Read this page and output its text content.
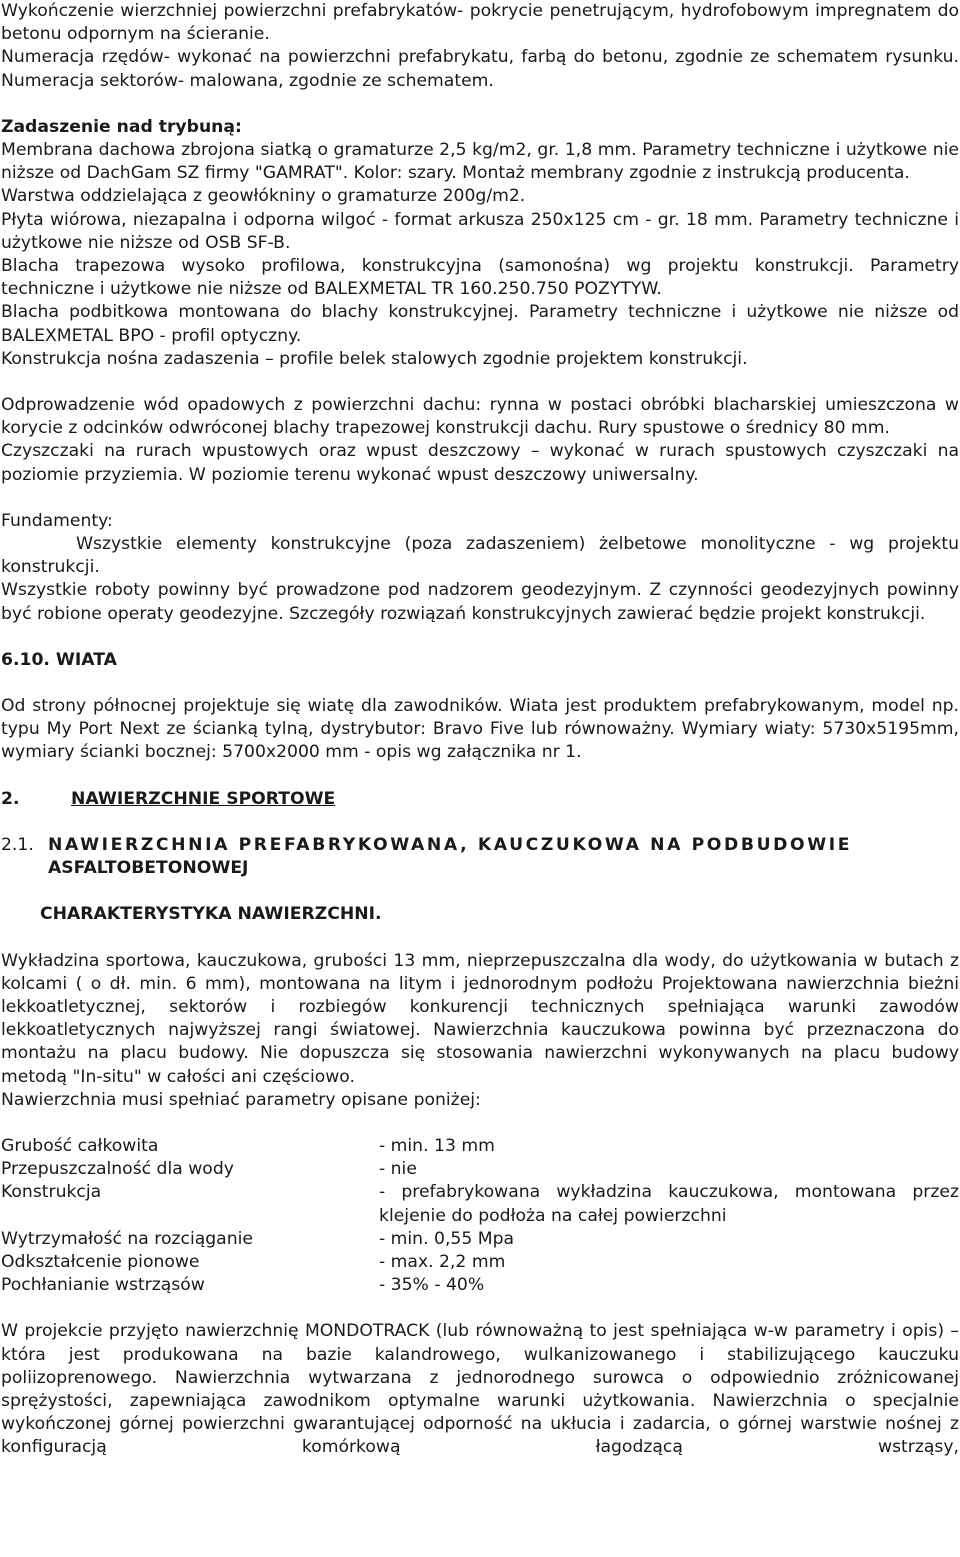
Wykończenie wierzchniej powierzchni prefabrykatów- pokrycie penetrującym, hydrofobowym impregnatem do betonu odpornym na ścieranie.

Numeracja rzędów- wykonać na powierzchni prefabrykatu, farbą do betonu, zgodnie ze schematem rysunku. Numeracja sektorów- malowana, zgodnie ze schematem.

Zadaszenie nad trybuną:

Membrana dachowa zbrojona siatką o gramaturze 2,5 kg/m2, gr. 1,8 mm. Parametry techniczne i użytkowe nie niższe od DachGam SZ firmy "GAMRAT". Kolor: szary. Montaż membrany zgodnie z instrukcją producenta.

Warstwa oddzielająca z geowłókniny o gramaturze 200g/m2.

Płyta wiórowa, niezapalna i odporna wilgoć - format arkusza 250x125 cm - gr. 18 mm. Parametry techniczne i użytkowe nie niższe od OSB SF-B.

Blacha trapezowa wysoko profilowa, konstrukcyjna (samonośna) wg projektu konstrukcji. Parametry techniczne i użytkowe nie niższe od BALEXMETAL TR 160.250.750 POZYTYW.

Blacha podbitkowa montowana do blachy konstrukcyjnej. Parametry techniczne i użytkowe nie niższe od BALEXMETAL BPO - profil optyczny.

Konstrukcja nośna zadaszenia – profile belek stalowych zgodnie projektem konstrukcji.

Odprowadzenie wód opadowych z powierzchni dachu: rynna w postaci obróbki blacharskiej umieszczona w korycie z odcinków odwróconej blachy trapezowej konstrukcji dachu. Rury spustowe o średnicy 80 mm.

Czyszczaki na rurach wpustowych oraz wpust deszczowy – wykonać w rurach spustowych czyszczaki na poziomie przyziemia. W poziomie terenu wykonać wpust deszczowy uniwersalny.

Fundamenty:

Wszystkie elementy konstrukcyjne (poza zadaszeniem) żelbetowe monolityczne - wg projektu konstrukcji.

Wszystkie roboty powinny być prowadzone pod nadzorem geodezyjnym. Z czynności geodezyjnych powinny być robione operaty geodezyjne. Szczegóły rozwiązań konstrukcyjnych zawierać będzie projekt konstrukcji.

6.10. WIATA

Od strony północnej projektuje się wiatę dla zawodników. Wiata jest produktem prefabrykowanym, model np. typu My Port Next ze ścianką tylną, dystrybutor: Bravo Five lub równoważny. Wymiary wiaty: 5730x5195mm, wymiary ścianki bocznej: 5700x2000 mm - opis wg załącznika nr 1.

2.	NAWIERZCHNIE SPORTOWE

2.1. NAWIERZCHNIA PREFABRYKOWANA, KAUCZUKOWA NA PODBUDOWIE

ASFALTOBETONOWEJ

CHARAKTERYSTYKA NAWIERZCHNI.

Wykładzina sportowa, kauczukowa, grubości 13 mm, nieprzepuszczalna dla wody, do użytkowania w butach z kolcami ( o dł. min. 6 mm), montowana na litym i jednorodnym podłożu Projektowana nawierzchnia bieżni lekkoatletycznej, sektorów i rozbiegów konkurencji technicznych spełniająca warunki zawodów lekkoatletycznych najwyższej rangi światowej. Nawierzchnia kauczukowa powinna być przeznaczona do montażu na placu budowy. Nie dopuszcza się stosowania nawierzchni wykonywanych na placu budowy metodą "In-situ" w całości ani częściowo.

Nawierzchnia musi spełniać parametry opisane poniżej:

Grubość całkowita	- min. 13 mm
Przepuszczalność dla wody	- nie
Konstrukcja	- prefabrykowana wykładzina kauczukowa, montowana przez klejenie do podłoża na całej powierzchni
Wytrzymałość na rozciąganie	- min. 0,55 Mpa
Odkształcenie pionowe	- max. 2,2 mm
Pochłanianie wstrząsów	- 35% - 40%

W projekcie przyjęto nawierzchnię MONDOTRACK (lub równoważną to jest spełniająca w-w parametry i opis) – która jest produkowana na bazie kalandrowego, wulkanizowanego i stabilizującego kauczuku poliizoprenowego. Nawierzchnia wytwarzana z jednorodnego surowca o odpowiednio zróżnicowanej sprężystości, zapewniająca zawodnikom optymalne warunki użytkowania. Nawierzchnia o specjalnie wykończonej górnej powierzchni gwarantującej odporność na ukłucia i zadarcia, o górnej warstwie nośnej z konfiguracją komórkową łagodzącą wstrząsy,
